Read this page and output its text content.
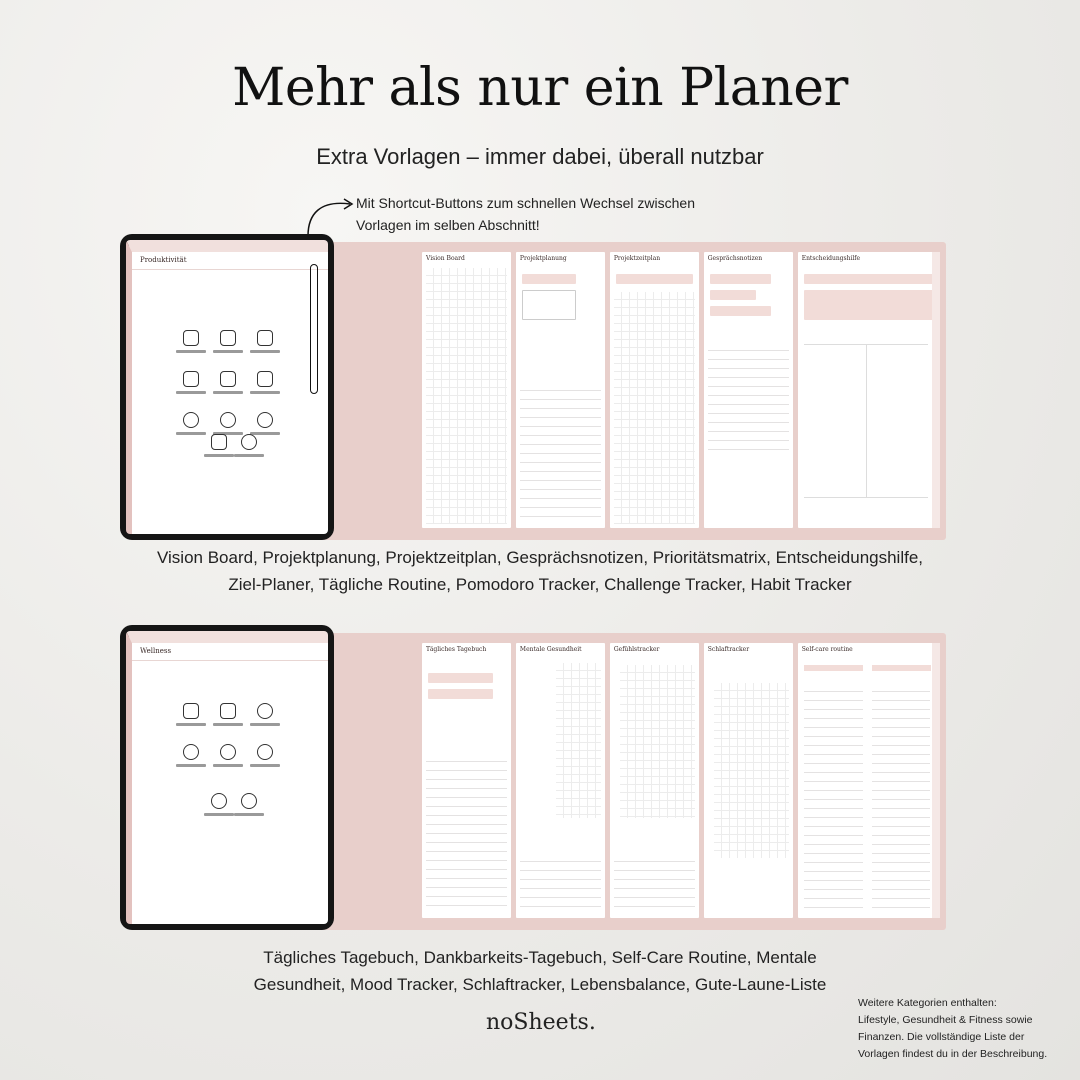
Mehr als nur ein Planer
Extra Vorlagen – immer dabei, überall nutzbar
Mit Shortcut-Buttons zum schnellen Wechsel zwischen
Vorlagen im selben Abschnitt!
Vision Board	Projektplanung	Projektzeitplan	Gesprächsnotizen	Entscheidungshilfe
Produktivität
Vision Board, Projektplanung, Projektzeitplan, Gesprächsnotizen, Prioritätsmatrix, Entscheidungshilfe,
Ziel-Planer, Tägliche Routine, Pomodoro Tracker, Challenge Tracker, Habit Tracker
Tägliches Tagebuch	Mentale Gesundheit	Gefühlstracker	Schlaftracker	Self-care routine
Wellness
Tägliches Tagebuch, Dankbarkeits-Tagebuch, Self-Care Routine, Mentale
Gesundheit, Mood Tracker, Schlaftracker, Lebensbalance, Gute-Laune-Liste
noSheets.
Weitere Kategorien enthalten:
Lifestyle, Gesundheit & Fitness sowie
Finanzen. Die vollständige Liste der
Vorlagen findest du in der Beschreibung.
